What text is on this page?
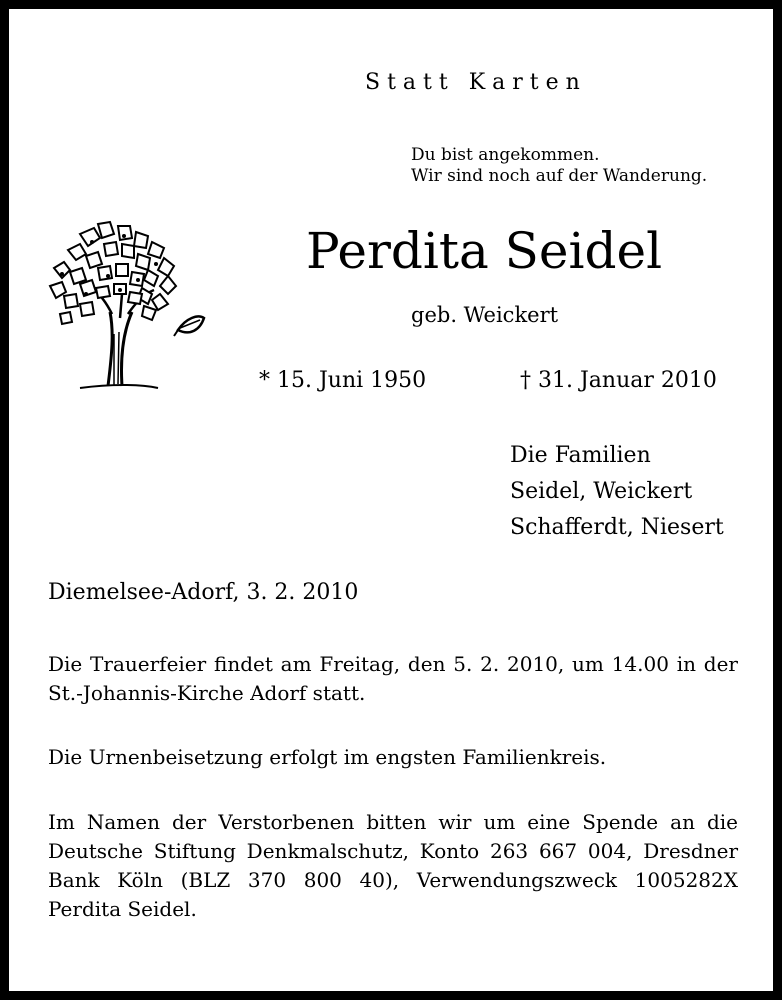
Statt Karten
Du bist angekommen.
Wir sind noch auf der Wanderung.
Perdita Seidel
geb. Weickert
* 15. Juni 1950	† 31. Januar 2010
Die Familien
Seidel, Weickert
Schafferdt, Niesert
Diemelsee-Adorf, 3. 2. 2010
Die Trauerfeier findet am Freitag, den 5. 2. 2010, um 14.00 in der St.-Johannis-Kirche Adorf statt.
Die Urnenbeisetzung erfolgt im engsten Familienkreis.
Im Namen der Verstorbenen bitten wir um eine Spende an die Deutsche Stiftung Denkmalschutz, Konto 263 667 004, Dresdner Bank Köln (BLZ 370 800 40), Verwendungszweck 1005282X Perdita Seidel.
